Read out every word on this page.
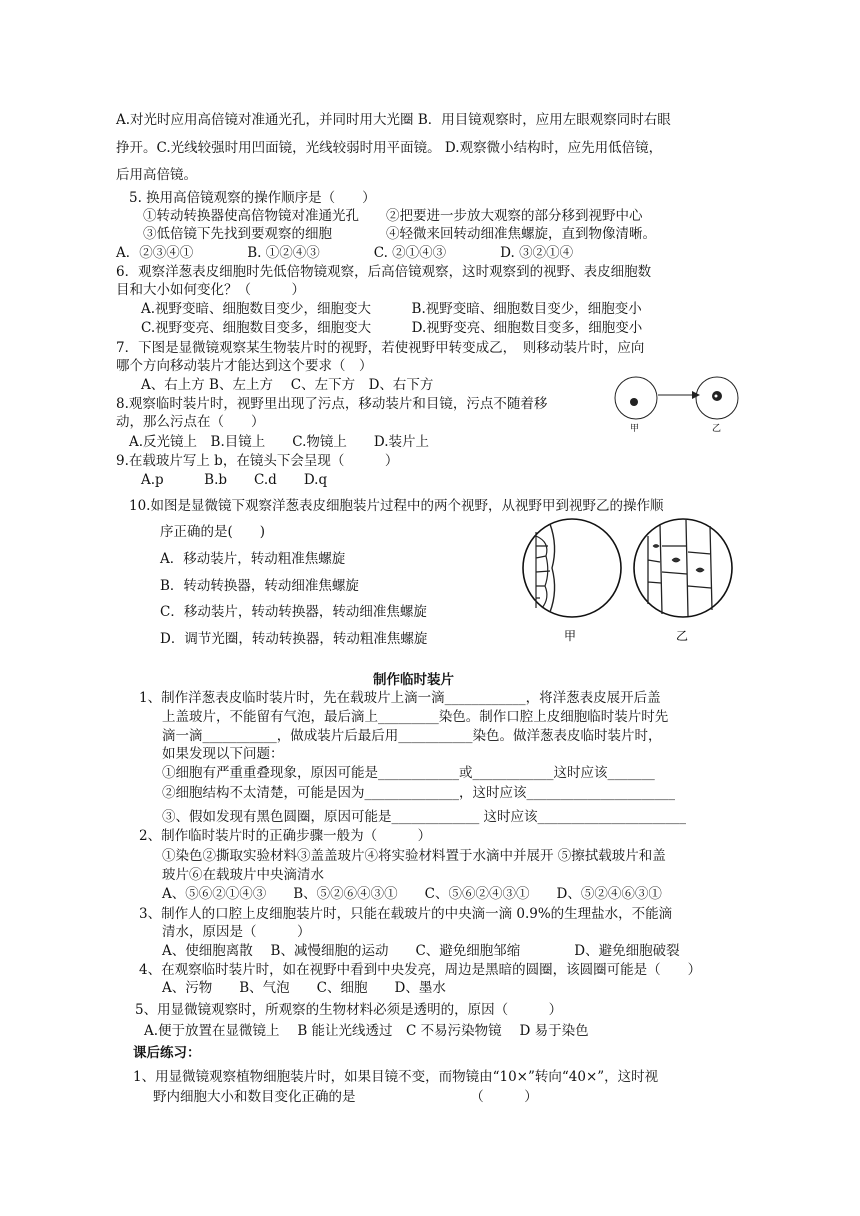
A.对光时应用高倍镜对准通光孔，并同时用大光圈 B．用目镜观察时，应用左眼观察同时右眼
挣开。C.光线较强时用凹面镜，光线较弱时用平面镜。 D.观察微小结构时，应先用低倍镜，
后用高倍镜。
5. 换用高倍镜观察的操作顺序是（　　）
①转动转换器使高倍物镜对准通光孔　　②把要进一步放大观察的部分移到视野中心
③低倍镜下先找到要观察的细胞　　　　④轻微来回转动细准焦螺旋，直到物像清晰。
A．②③④①　　　　B. ①②④③　　　　C. ②①④③　　　　D. ③②①④
6．观察洋葱表皮细胞时先低倍物镜观察，后高倍镜观察，这时观察到的视野、表皮细胞数
目和大小如何变化？（　　　）
A.视野变暗、细胞数目变少，细胞变大　　　B.视野变暗、细胞数目变少，细胞变小
C.视野变亮、细胞数目变多，细胞变大　　　D.视野变亮、细胞数目变多，细胞变小
7．下图是显微镜观察某生物装片时的视野，若使视野甲转变成乙，　则移动装片时，应向
哪个方向移动装片才能达到这个要求（　）
A、右上方 B、左上方　 C、左下方　D、右下方
8.观察临时装片时，视野里出现了污点，移动装片和目镜，污点不随着移
动，那么污点在（　　）
A.反光镜上　B.目镜上　　C.物镜上　　D.装片上
9.在载玻片写上 b，在镜头下会呈现（　　　）
A.p　　　B.b　　C.d　　D.q
10.如图是显微镜下观察洋葱表皮细胞装片过程中的两个视野，从视野甲到视野乙的操作顺
序正确的是(　　)
A．移动装片，转动粗准焦螺旋
B．转动转换器，转动细准焦螺旋
C．移动装片，转动转换器，转动细准焦螺旋
D．调节光圈，转动转换器，转动粗准焦螺旋
制作临时装片
1、制作洋葱表皮临时装片时，先在载玻片上滴一滴____________，将洋葱表皮展开后盖
上盖玻片，不能留有气泡，最后滴上_________染色。制作口腔上皮细胞临时装片时先
滴一滴___________，做成装片后最后用___________染色。做洋葱表皮临时装片时，
如果发现以下问题：
①细胞有严重重叠现象，原因可能是____________或____________这时应该_______
②细胞结构不太清楚，可能是因为______________，这时应该______________________
③、假如发现有黑色圆圈，原因可能是_____________ 这时应该______________________
2、制作临时装片时的正确步骤一般为（　　　）
①染色②撕取实验材料③盖盖玻片④将实验材料置于水滴中并展开 ⑤擦拭载玻片和盖
玻片⑥在载玻片中央滴清水
A、⑤⑥②①④③　　B、⑤②⑥④③①　　C、⑤⑥②④③①　　D、⑤②④⑥③①
3、制作人的口腔上皮细胞装片时，只能在载玻片的中央滴一滴 0.9%的生理盐水，不能滴
清水，原因是（　　　）
A、使细胞离散　 B、减慢细胞的运动　　C、避免细胞邹缩　　　　D、避免细胞破裂
4、在观察临时装片时，如在视野中看到中央发亮，周边是黑暗的圆圈，该圆圈可能是（　　）
A、污物　　B、气泡　　C、细胞　　D、墨水
5、用显微镜观察时，所观察的生物材料必须是透明的，原因（　　　）
A.便于放置在显微镜上　 B 能让光线透过　C 不易污染物镜　 D 易于染色
课后练习：
1、用显微镜观察植物细胞装片时，如果目镜不变，而物镜由“10×”转向“40×”，这时视
野内细胞大小和数目变化正确的是　　　　　　　　　（　　　）
甲	乙
甲	乙
